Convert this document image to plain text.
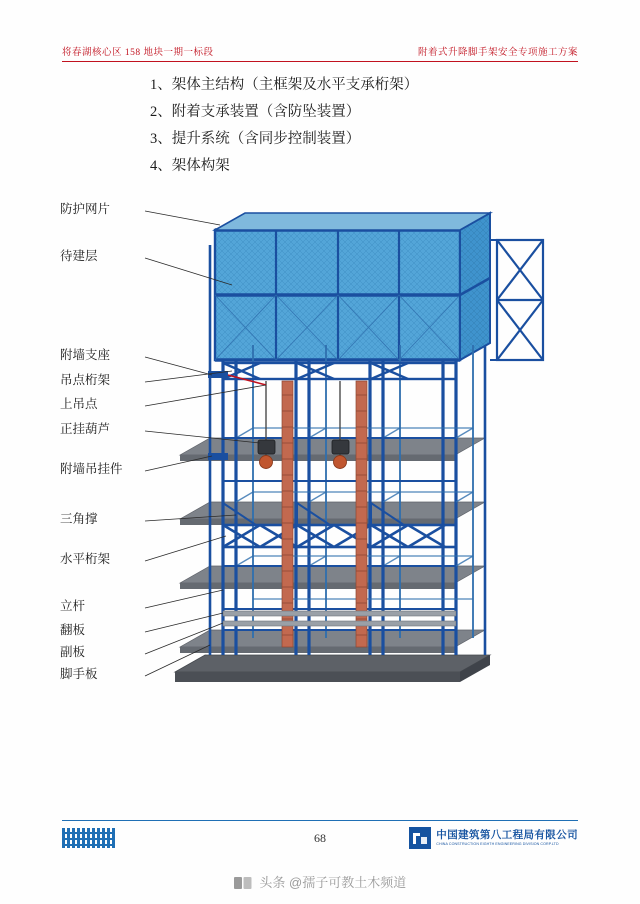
将春湖核心区 158 地块一期一标段	附着式升降脚手架安全专项施工方案
1、架体主结构（主框架及水平支承桁架）
2、附着支承装置（含防坠装置）
3、提升系统（含同步控制装置）
4、架体构架
防护网片
待建层
附墙支座
吊点桁架
上吊点
正挂葫芦
附墙吊挂件
三角撑
水平桁架
立杆
翻板
副板
脚手板
68	中国建筑第八工程局有限公司
CHINA CONSTRUCTION EIGHTH ENGINEERING DIVISION CORP.LTD
头条 @孺子可教土木频道
